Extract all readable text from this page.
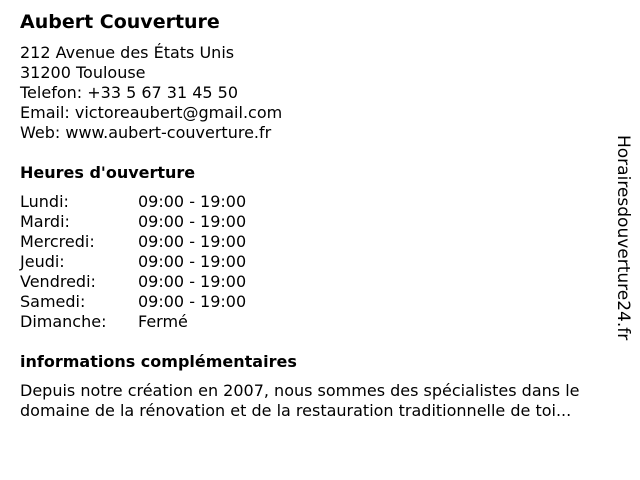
Aubert Couverture
212 Avenue des États Unis
31200 Toulouse
Telefon: +33 5 67 31 45 50
Email: victoreaubert@gmail.com
Web: www.aubert-couverture.fr
Heures d'ouverture
Lundi:	09:00 - 19:00
Mardi:	09:00 - 19:00
Mercredi:	09:00 - 19:00
Jeudi:	09:00 - 19:00
Vendredi:	09:00 - 19:00
Samedi:	09:00 - 19:00
Dimanche:	Fermé
informations complémentaires
Depuis notre création en 2007, nous sommes des spécialistes dans le domaine de la rénovation et de la restauration traditionnelle de toi...
Horairesdouverture24.fr
